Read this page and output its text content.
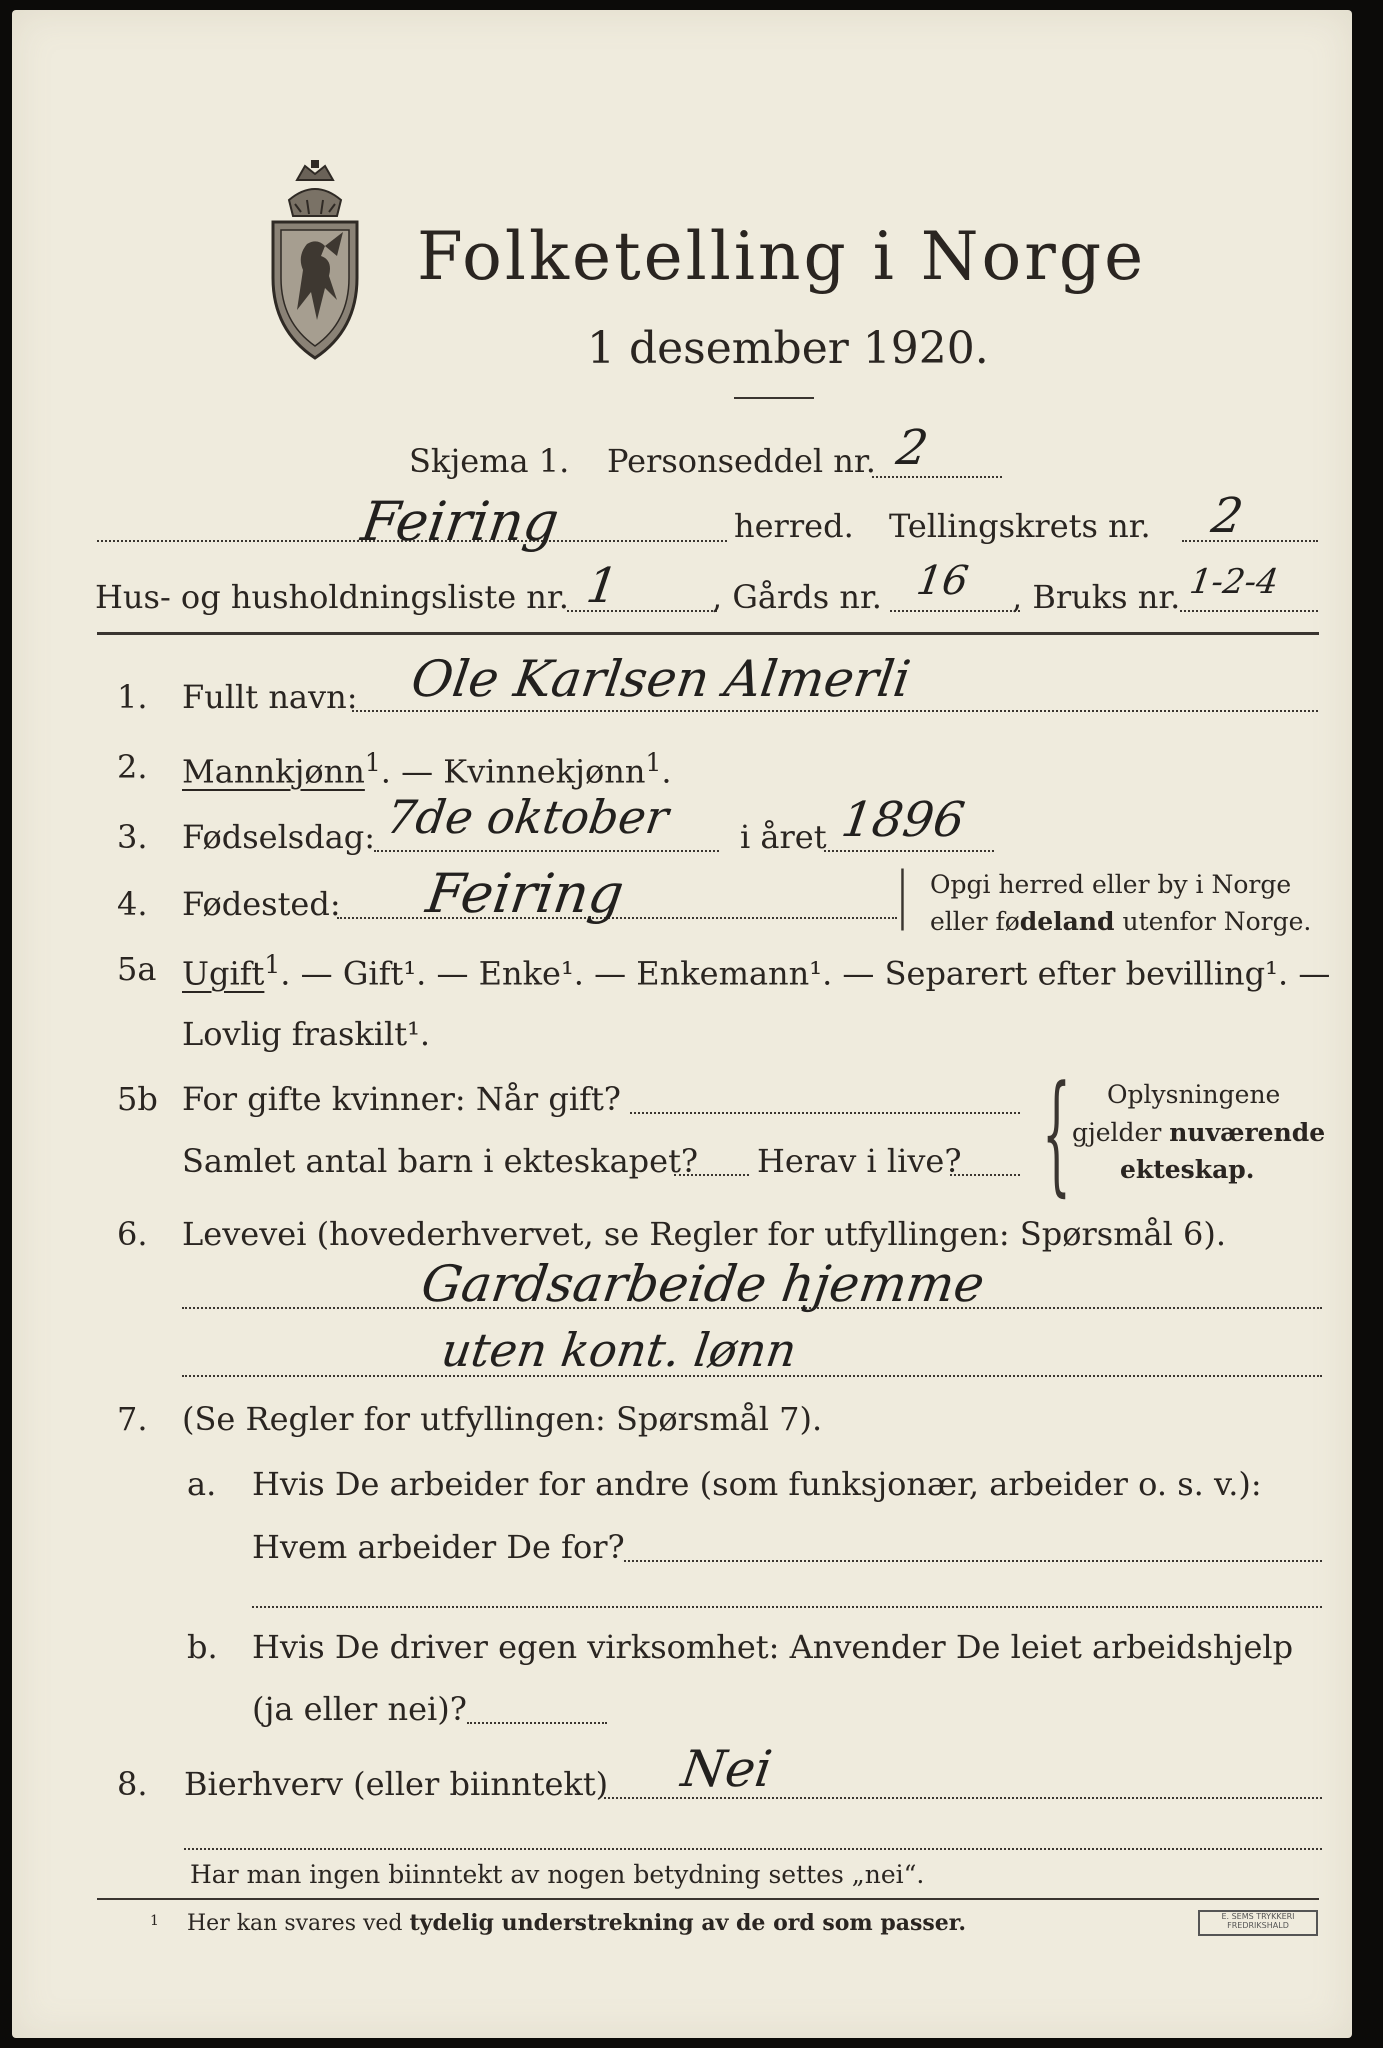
Folketelling i Norge
1 desember 1920.
Skjema 1. Personseddel nr. 2
Feiring	herred. Tellingskrets nr. 2
Hus- og husholdningsliste nr. 1	, Gårds nr. 16 , Bruks nr. 1-2-4
1. Fullt navn: Ole Karlsen Almerli
2. Mannkjønn$^1$. — Kvinnekjønn$^1$.
3. Fødselsdag: 7de oktober i året 1896
4. Fødested: Feiring	| Opgi herred eller by i Norge
eller fødeland utenfor Norge.
5a Ugift$^1$. — Gift¹. — Enke¹. — Enkemann¹. — Separert efter bevilling¹. —
Lovlig fraskilt¹.
5b For gifte kvinner: Når gift?
Samlet antal barn i ekteskapet? Herav i live? { Oplysningene
gjelder nuværende
ekteskap.
6. Levevei (hovederhvervet, se Regler for utfyllingen: Spørsmål 6).
Gardsarbeide hjemme
uten kont. lønn
7. (Se Regler for utfyllingen: Spørsmål 7).
a. Hvis De arbeider for andre (som funksjonær, arbeider o. s. v.):
Hvem arbeider De for?
b. Hvis De driver egen virksomhet: Anvender De leiet arbeidshjelp
(ja eller nei)?
8. Bierhverv (eller biinntekt) Nei
Har man ingen biinntekt av nogen betydning settes „nei“.
1 Her kan svares ved tydelig understrekning av de ord som passer.	E. SEMS TRYKKERI
FREDRIKSHALD
